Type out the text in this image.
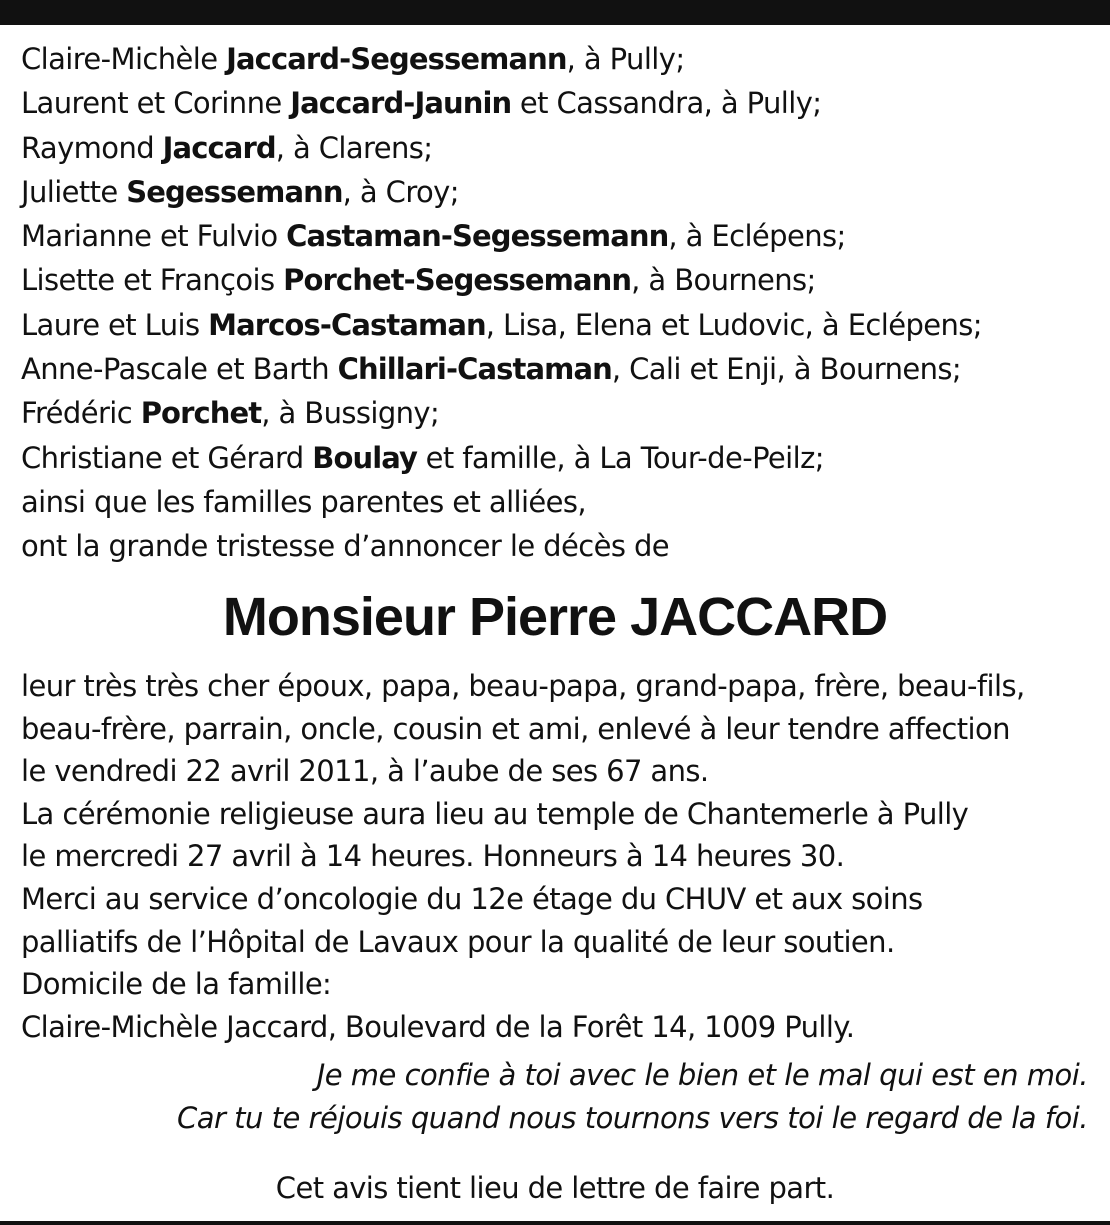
Claire-Michèle Jaccard-Segessemann, à Pully;
Laurent et Corinne Jaccard-Jaunin et Cassandra, à Pully;
Raymond Jaccard, à Clarens;
Juliette Segessemann, à Croy;
Marianne et Fulvio Castaman-Segessemann, à Eclépens;
Lisette et François Porchet-Segessemann, à Bournens;
Laure et Luis Marcos-Castaman, Lisa, Elena et Ludovic, à Eclépens;
Anne-Pascale et Barth Chillari-Castaman, Cali et Enji, à Bournens;
Frédéric Porchet, à Bussigny;
Christiane et Gérard Boulay et famille, à La Tour-de-Peilz;
ainsi que les familles parentes et alliées,
ont la grande tristesse d’annoncer le décès de
Monsieur Pierre JACCARD
leur très très cher époux, papa, beau-papa, grand-papa, frère, beau-fils,
beau-frère, parrain, oncle, cousin et ami, enlevé à leur tendre affection
le vendredi 22 avril 2011, à l’aube de ses 67 ans.
La cérémonie religieuse aura lieu au temple de Chantemerle à Pully
le mercredi 27 avril à 14 heures. Honneurs à 14 heures 30.
Merci au service d’oncologie du 12e étage du CHUV et aux soins
palliatifs de l’Hôpital de Lavaux pour la qualité de leur soutien.
Domicile de la famille:
Claire-Michèle Jaccard, Boulevard de la Forêt 14, 1009 Pully.
Je me confie à toi avec le bien et le mal qui est en moi.
Car tu te réjouis quand nous tournons vers toi le regard de la foi.
Cet avis tient lieu de lettre de faire part.
